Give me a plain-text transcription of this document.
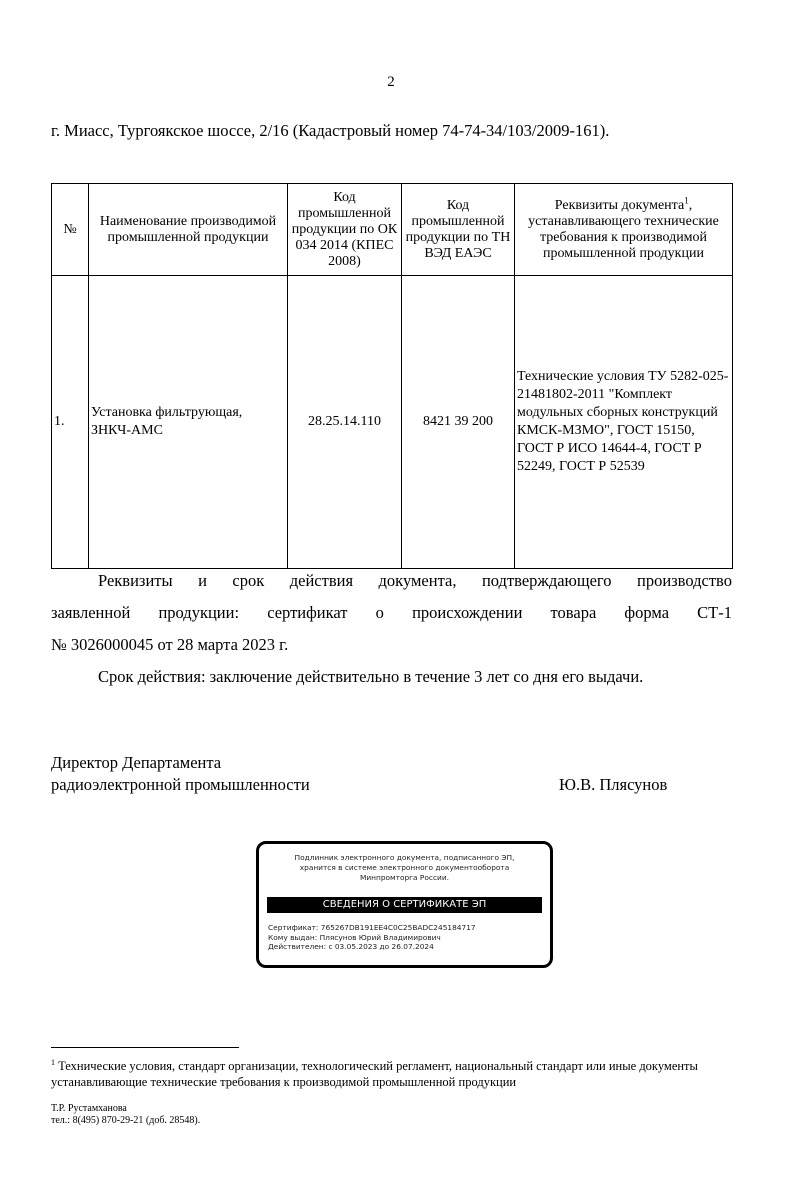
2
г. Миасс, Тургоякское шоссе, 2/16 (Кадастровый номер 74-74-34/103/2009-161).
№	Наименование производимой промышленной продукции	Код промышленной продукции по ОК 034 2014 (КПЕС 2008)	Код промышленной продукции по ТН ВЭД ЕАЭС	Реквизиты документа$^1$, устанавливающего технические требования к производимой промышленной продукции
1.	Установка фильтрующая, ЗНКЧ-АМС	28.25.14.110	8421 39 200	Технические условия ТУ 5282-025-21481802-2011 "Комплект модульных сборных конструкций КМСК-МЗМО", ГОСТ 15150, ГОСТ Р ИСО 14644-4, ГОСТ Р 52249, ГОСТ Р 52539
Реквизиты и срок действия документа, подтверждающего производство
заявленной продукции: сертификат о происхождении товара форма СТ-1
№ 3026000045 от 28 марта 2023 г.
Срок действия: заключение действительно в течение 3 лет со дня его выдачи.
Директор Департамента
радиоэлектронной промышленности	Ю.В. Плясунов
Подлинник электронного документа, подписанного ЭП,
хранится в системе электронного документооборота
Минпромторга России.
СВЕДЕНИЯ О СЕРТИФИКАТЕ ЭП
Сертификат: 765267DB191EE4C0C25BADC245184717
Кому выдан: Плясунов Юрий Владимирович
Действителен: с 03.05.2023 до 26.07.2024
$^1$ Технические условия, стандарт организации, технологический регламент, национальный стандарт или иные документы устанавливающие технические требования к производимой промышленной продукции
Т.Р. Рустамханова
тел.: 8(495) 870-29-21 (доб. 28548).
